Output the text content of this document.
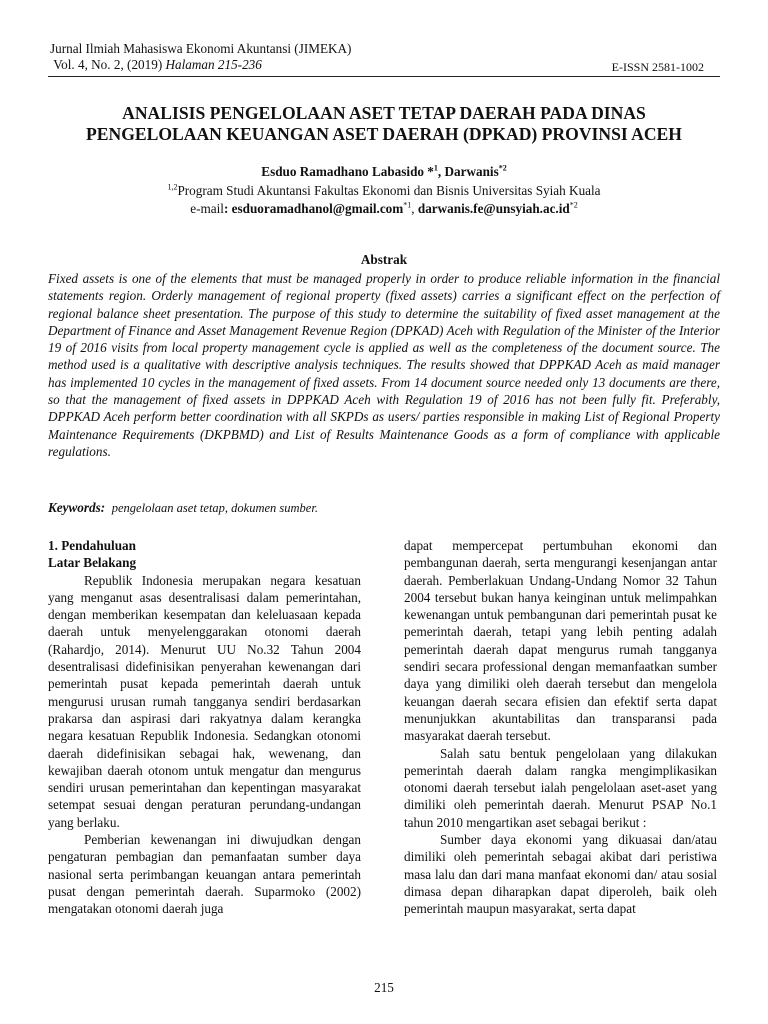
Jurnal Ilmiah Mahasiswa Ekonomi Akuntansi (JIMEKA)
Vol. 4, No. 2, (2019) Halaman 215-236	E-ISSN 2581-1002
ANALISIS PENGELOLAAN ASET TETAP DAERAH PADA DINAS
PENGELOLAAN KEUANGAN ASET DAERAH (DPKAD) PROVINSI ACEH
Esduo Ramadhano Labasido *$^1$, Darwanis$^{*2}$
$^{1,2}$Program Studi Akuntansi Fakultas Ekonomi dan Bisnis Universitas Syiah Kuala
e-mail: esduoramadhanol@gmail.com$^{*1}$, $darwanis.fe@unsyiah.ac.id^{*2}$
Abstrak

Fixed assets is one of the elements that must be managed properly in order to produce reliable information in the financial statements region. Orderly management of regional property (fixed assets) carries a significant effect on the perfection of regional balance sheet presentation. The purpose of this study to determine the suitability of fixed asset management at the Department of Finance and Asset Management Revenue Region (DPKAD) Aceh with Regulation of the Minister of the Interior 19 of 2016 visits from local property management cycle is applied as well as the completeness of the document source. The method used is a qualitative with descriptive analysis techniques. The results showed that DPPKAD Aceh as maid manager has implemented 10 cycles in the management of fixed assets. From 14 document source needed only 13 documents are there, so that the management of fixed assets in DPPKAD Aceh with Regulation 19 of 2016 has not been fully fit. Preferably, DPPKAD Aceh perform better coordination with all SKPDs as users/ parties responsible in making List of Regional Property Maintenance Requirements (DKPBMD) and List of Results Maintenance Goods as a form of compliance with applicable regulations.

Keywords: pengelolaan aset tetap, dokumen sumber.

1. Pendahuluan

Latar Belakang

Republik Indonesia merupakan negara kesatuan yang menganut asas desentralisasi dalam pemerintahan, dengan memberikan kesempatan dan keleluasaan kepada daerah untuk menyelenggarakan otonomi daerah (Rahardjo, 2014). Menurut UU No.32 Tahun 2004 desentralisasi didefinisikan penyerahan kewenangan dari pemerintah pusat kepada pemerintah daerah untuk mengurusi urusan rumah tangganya sendiri berdasarkan prakarsa dan aspirasi dari rakyatnya dalam kerangka negara kesatuan Republik Indonesia. Sedangkan otonomi daerah didefinisikan sebagai hak, wewenang, dan kewajiban daerah otonom untuk mengatur dan mengurus sendiri urusan pemerintahan dan kepentingan masyarakat setempat sesuai dengan peraturan perundang-undangan yang berlaku.

Pemberian kewenangan ini diwujudkan dengan pengaturan pembagian dan pemanfaatan sumber daya nasional serta perimbangan keuangan antara pemerintah pusat dengan pemerintah daerah. Suparmoko (2002) mengatakan otonomi daerah juga

dapat mempercepat pertumbuhan ekonomi dan pembangunan daerah, serta mengurangi kesenjangan antar daerah. Pemberlakuan Undang-Undang Nomor 32 Tahun 2004 tersebut bukan hanya keinginan untuk melimpahkan kewenangan untuk pembangunan dari pemerintah pusat ke pemerintah daerah, tetapi yang lebih penting adalah pemerintah daerah dapat mengurus rumah tangganya sendiri secara professional dengan memanfaatkan sumber daya yang dimiliki oleh daerah tersebut dan mengelola keuangan daerah secara efisien dan efektif serta dapat menunjukkan akuntabilitas dan transparansi pada masyarakat daerah tersebut.

Salah satu bentuk pengelolaan yang dilakukan pemerintah daerah dalam rangka mengimplikasikan otonomi daerah tersebut ialah pengelolaan aset-aset yang dimiliki oleh pemerintah daerah. Menurut PSAP No.1 tahun 2010 mengartikan aset sebagai berikut :

Sumber daya ekonomi yang dikuasai dan/atau dimiliki oleh pemerintah sebagai akibat dari peristiwa masa lalu dan dari mana manfaat ekonomi dan/ atau sosial dimasa depan diharapkan dapat diperoleh, baik oleh pemerintah maupun masyarakat, serta dapat

215
